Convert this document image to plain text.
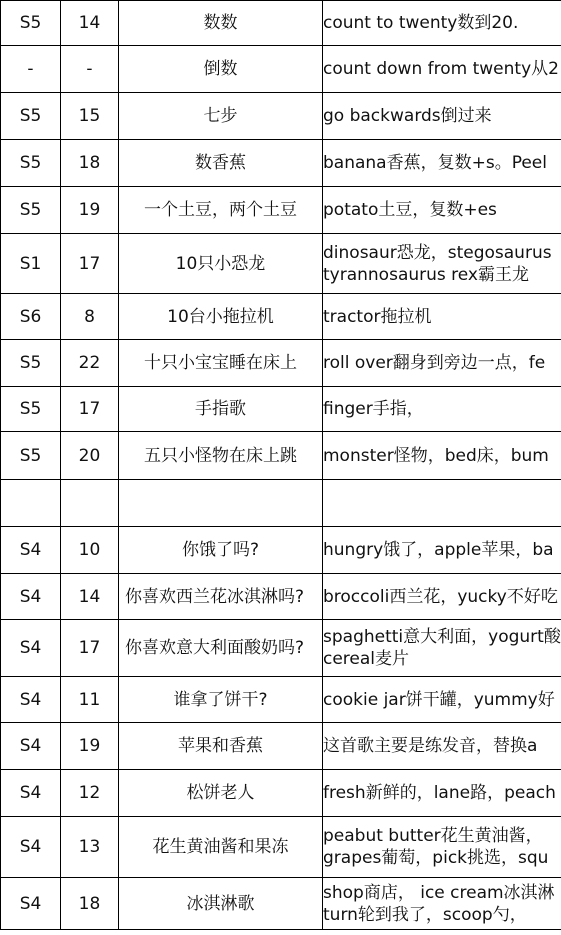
S5	14	数数	count to twenty数到20.

-	-	倒数	count down from twenty从2

S5	15	七步	go backwards倒过来

S5	18	数香蕉	banana香蕉，复数+s。Peel

S5	19	一个土豆，两个土豆	potato土豆，复数+es

S1	17	10只小恐龙	dinosaur恐龙，stegosaurus
tyrannosaurus rex霸王龙

S6	8	10台小拖拉机	tractor拖拉机

S5	22	十只小宝宝睡在床上	roll over翻身到旁边一点，fe

S5	17	手指歌	finger手指，

S5	20	五只小怪物在床上跳	monster怪物，bed床，bum

S4	10	你饿了吗?	hungry饿了，apple苹果，ba

S4	14	你喜欢西兰花冰淇淋吗?	broccoli西兰花，yucky不好吃

S4	17	你喜欢意大利面酸奶吗?	spaghetti意大利面，yogurt酸
cereal麦片

S4	11	谁拿了饼干?	cookie jar饼干罐，yummy好

S4	19	苹果和香蕉	这首歌主要是练发音，替换a

S4	12	松饼老人	fresh新鲜的，lane路，peach

S4	13	花生黄油酱和果冻	peabut butter花生黄油酱，
grapes葡萄，pick挑选，squ

S4	18	冰淇淋歌	shop商店， ice cream冰淇淋
turn轮到我了，scoop勺，
